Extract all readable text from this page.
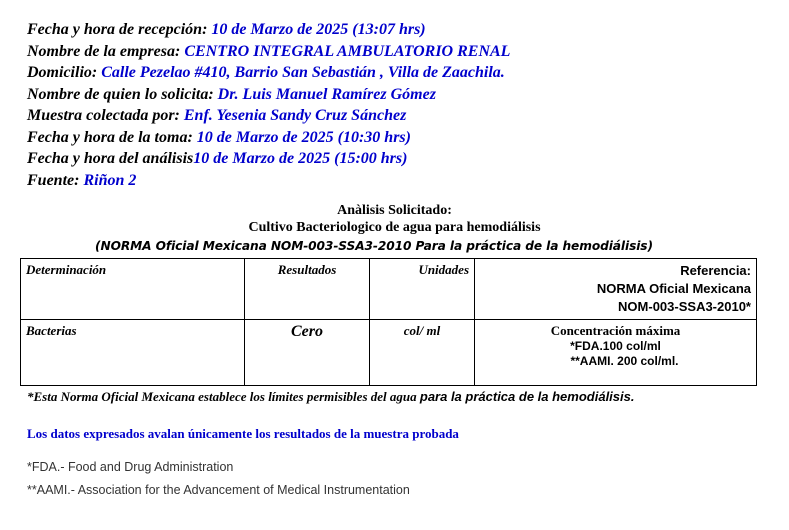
Fecha y hora de recepción: 10 de Marzo de 2025 (13:07 hrs)
Nombre de la empresa: CENTRO INTEGRAL AMBULATORIO RENAL
Domicilio: Calle Pezelao #410, Barrio San Sebastián , Villa de Zaachila.
Nombre de quien lo solicita: Dr. Luis Manuel Ramírez Gómez
Muestra colectada por: Enf. Yesenia Sandy Cruz Sánchez
Fecha y hora de la toma: 10 de Marzo de 2025 (10:30 hrs)
Fecha y hora del análisis10 de Marzo de 2025 (15:00 hrs)
Fuente: Riñon 2
Anàlisis Solicitado:
Cultivo Bacteriologico de agua para hemodiálisis
(NORMA Oficial Mexicana NOM-003-SSA3-2010 Para la práctica de la hemodiálisis)
Determinación	Resultados	Unidades	Referencia:
NORMA Oficial Mexicana
NOM-003-SSA3-2010*

Bacterias	Cero	col/ ml	Concentración máxima
*FDA.100 col/ml
**AAMI. 200 col/ml.
*Esta Norma Oficial Mexicana establece los límites permisibles del agua para la práctica de la hemodiálisis.
Los datos expresados avalan únicamente los resultados de la muestra probada
*FDA.- Food and Drug Administration
**AAMI.- Association for the Advancement of Medical Instrumentation
